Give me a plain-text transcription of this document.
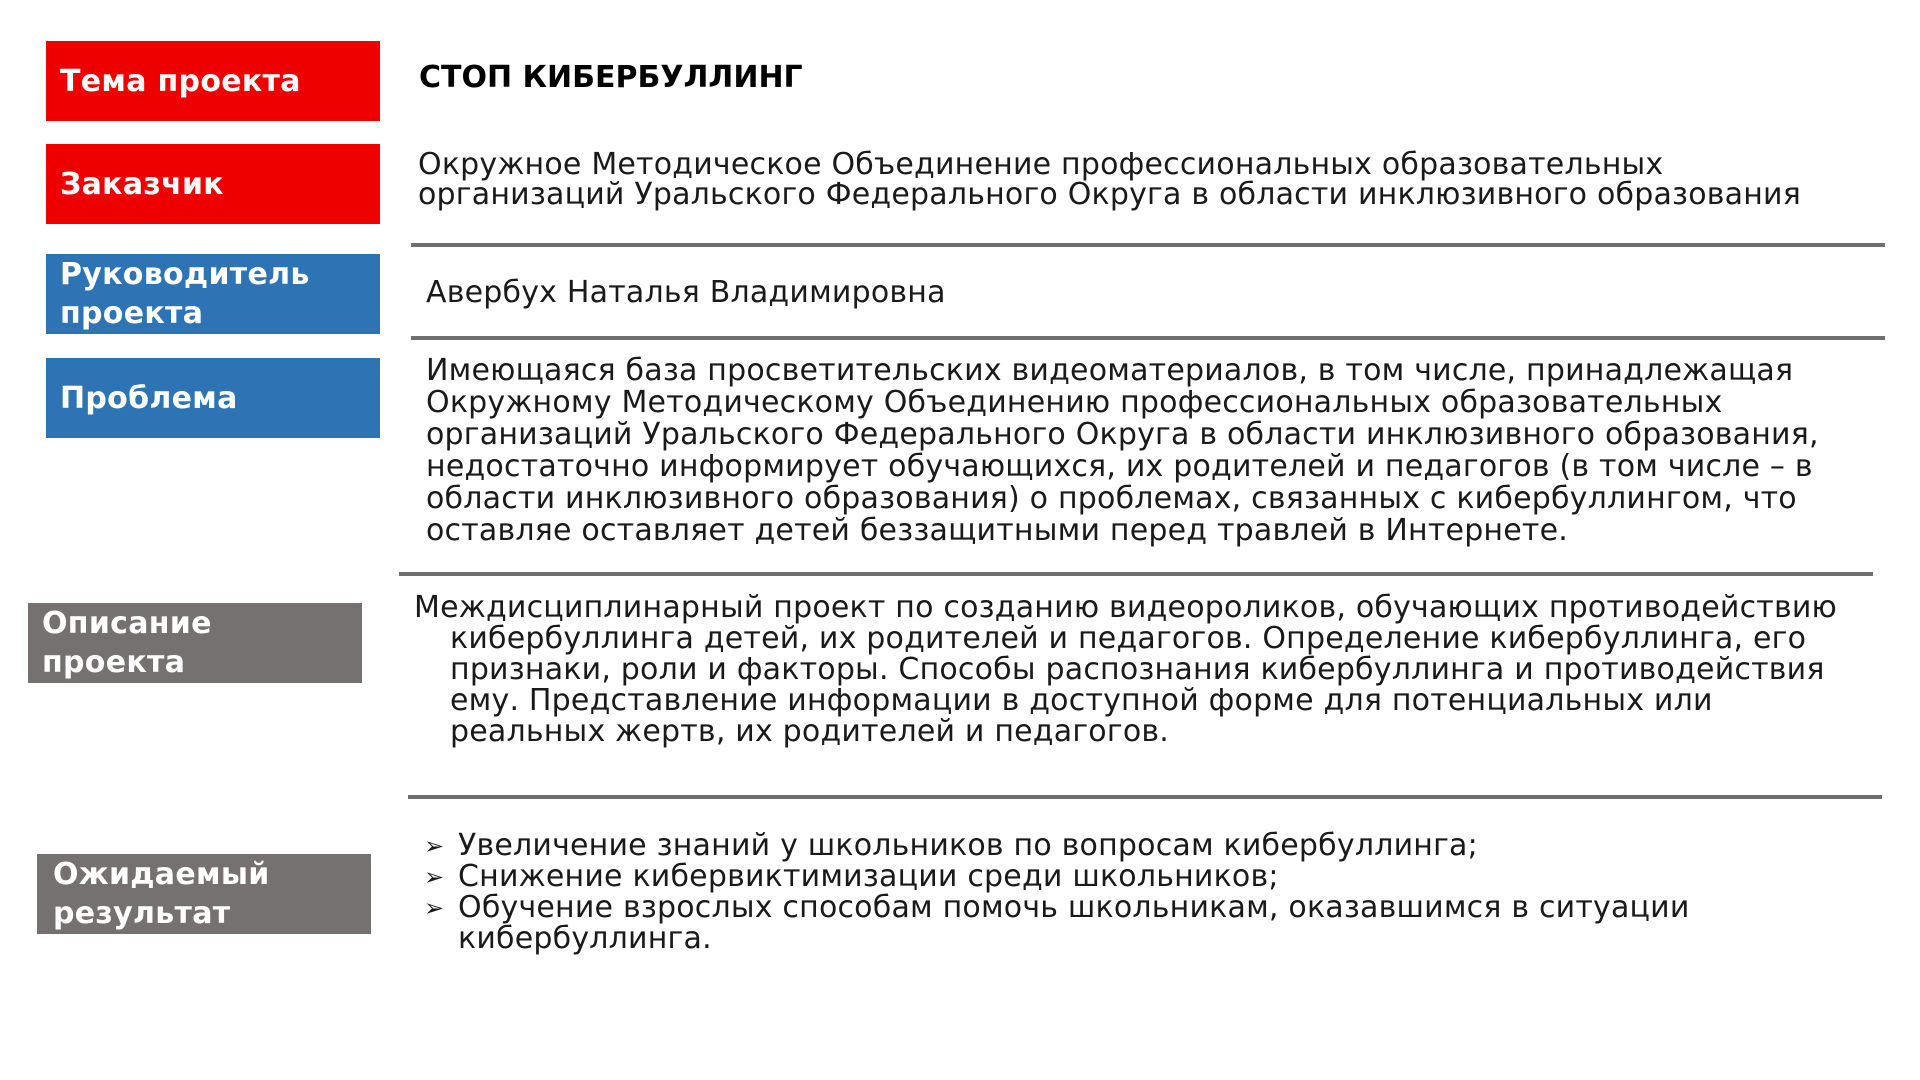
Тема проекта	СТОП КИБЕРБУЛЛИНГ
Заказчик
Окружное Методическое Объединение профессиональных образовательных организаций Уральского Федерального Округа в области инклюзивного образования
Руководитель
проекта
Авербух Наталья Владимировна
Проблема
Имеющаяся база просветительских видеоматериалов, в том числе, принадлежащая Окружному Методическому Объединению профессиональных образовательных организаций Уральского Федерального Округа в области инклюзивного образования, недостаточно информирует обучающихся, их родителей и педагогов (в том числе – в области инклюзивного образования) о проблемах, связанных с кибербуллингом, что оставляе оставляет детей беззащитными перед травлей в Интернете.
Описание
проекта
Междисциплинарный проект по созданию видеороликов, обучающих противодействию кибербуллинга детей, их родителей и педагогов. Определение кибербуллинга, его признаки, роли и факторы. Способы распознания кибербуллинга и противодействия ему. Представление информации в доступной форме для потенциальных или реальных жертв, их родителей и педагогов.
Ожидаемый
результат
➢ Увеличение знаний у школьников по вопросам кибербуллинга;
➢ Снижение кибервиктимизации среди школьников;
➢ Обучение взрослых способам помочь школьникам, оказавшимся в ситуации кибербуллинга.
